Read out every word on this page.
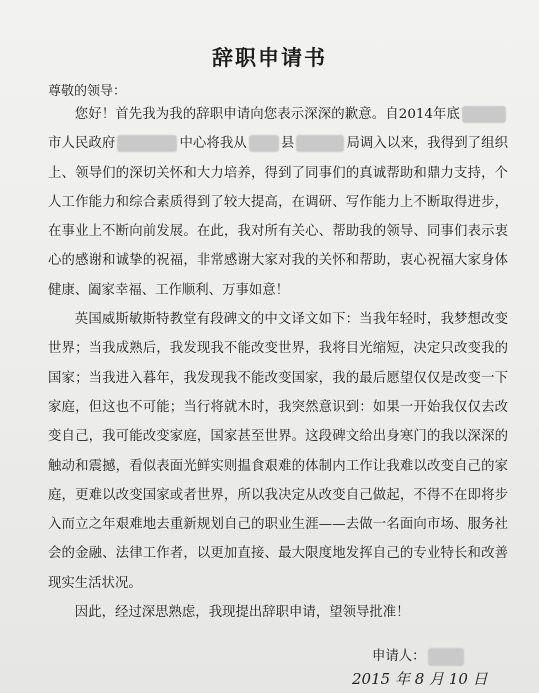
辞职申请书
尊敬的领导：

您好！首先我为我的辞职申请向您表示深深的歉意。自2014年底市人民政府	中心将我从	县	局调入以来，我得到了组织上、领导们的深切关怀和大力培养，得到了同事们的真诚帮助和鼎力支持，个人工作能力和综合素质得到了较大提高，在调研、写作能力上不断取得进步，在事业上不断向前发展。在此，我对所有关心、帮助我的领导、同事们表示衷心的感谢和诚挚的祝福，非常感谢大家对我的关怀和帮助，衷心祝福大家身体健康、阖家幸福、工作顺利、万事如意！

英国威斯敏斯特教堂有段碑文的中文译文如下：当我年轻时，我梦想改变世界；当我成熟后，我发现我不能改变世界，我将目光缩短，决定只改变我的国家；当我进入暮年，我发现我不能改变国家，我的最后愿望仅仅是改变一下家庭，但这也不可能；当行将就木时，我突然意识到：如果一开始我仅仅去改变自己，我可能改变家庭，国家甚至世界。这段碑文给出身寒门的我以深深的触动和震撼，看似表面光鲜实则揾食艰难的体制内工作让我难以改变自己的家庭，更难以改变国家或者世界，所以我决定从改变自己做起，不得不在即将步入而立之年艰难地去重新规划自己的职业生涯——去做一名面向市场、服务社会的金融、法律工作者，以更加直接、最大限度地发挥自己的专业特长和改善现实生活状况。

因此，经过深思熟虑，我现提出辞职申请，望领导批准！

申请人：
2015 年 8 月 10 日
